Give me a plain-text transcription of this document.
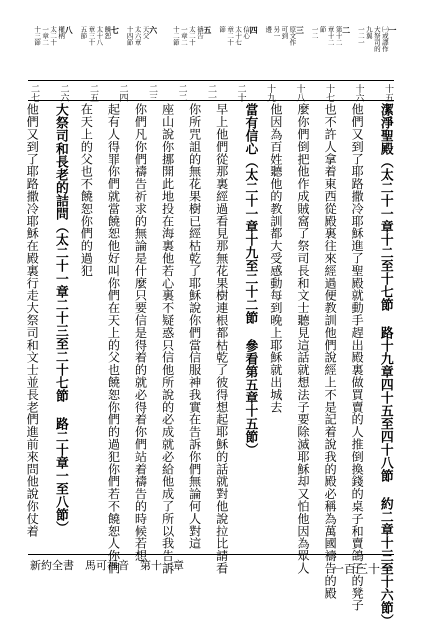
一
㈠或譯作
大祭司的
九翼
一二一
二
第十二
章十二
節
一二
三
原文作
可到
另一
邊
四
信心
太十七
章二十
節
五
禱告
太二十
一章二
十二節
六
天父
太六章
十四節
七
饒恕
太十八
章三十
五節
八
權柄
太二十
一章二
十三節
十五
十六
十七
十八
十九
二十
二一
二二
二三
二四
二五
二六
二七
潔淨聖殿（太二十一章十二至十七節 路十九章四十五至四十八節 約二章十三至十六節）
他們又到了耶路撒冷耶穌進了聖殿就動手趕出殿裏做買賣的人推倒換錢的桌子和賣鴿子的凳子
也不許人拿着東西從殿裏往來經過便教訓他們說經上不是記着說我的殿必稱為萬國禱告的殿
麼你們倒把他作成賊窩了祭司長和文士聽見這話就想法子要除滅耶穌却又怕他因為眾人
他因為百姓聽他的教訓都大受感動每到晚上耶穌就出城去
當有信心（太二十一章十九至二十二節 參看第五章十五節）
早上他們從那裏經過看見那無花果樹連根都枯乾了彼得想起耶穌的話就對他說拉比請看
你所咒詛的無花果樹已經枯乾了耶穌說你們當信服神我實在告訴你們無論何人對這
座山說你挪開此地投在海裏他若心裏不疑惑只信他所說的必成就必給他成了所以我告訴
你們凡你們禱告祈求的無論是什麼只要信是得着的就必得着你們站着禱告的時候若想
起有人得罪你們就當饒恕他好叫你們在天上的父也饒恕你們的過犯你們若不饒恕人你們
在天上的父也不饒恕你們的過犯
大祭司和長老的詰問（太二十一章二十三至二十七節 路二十章一至八節）
他們又到了耶路撒冷耶穌在殿裏行走大祭司和文士並長老們進前來問他說你仗着
新約全書　馬可福音　第十一章	一百三十一
